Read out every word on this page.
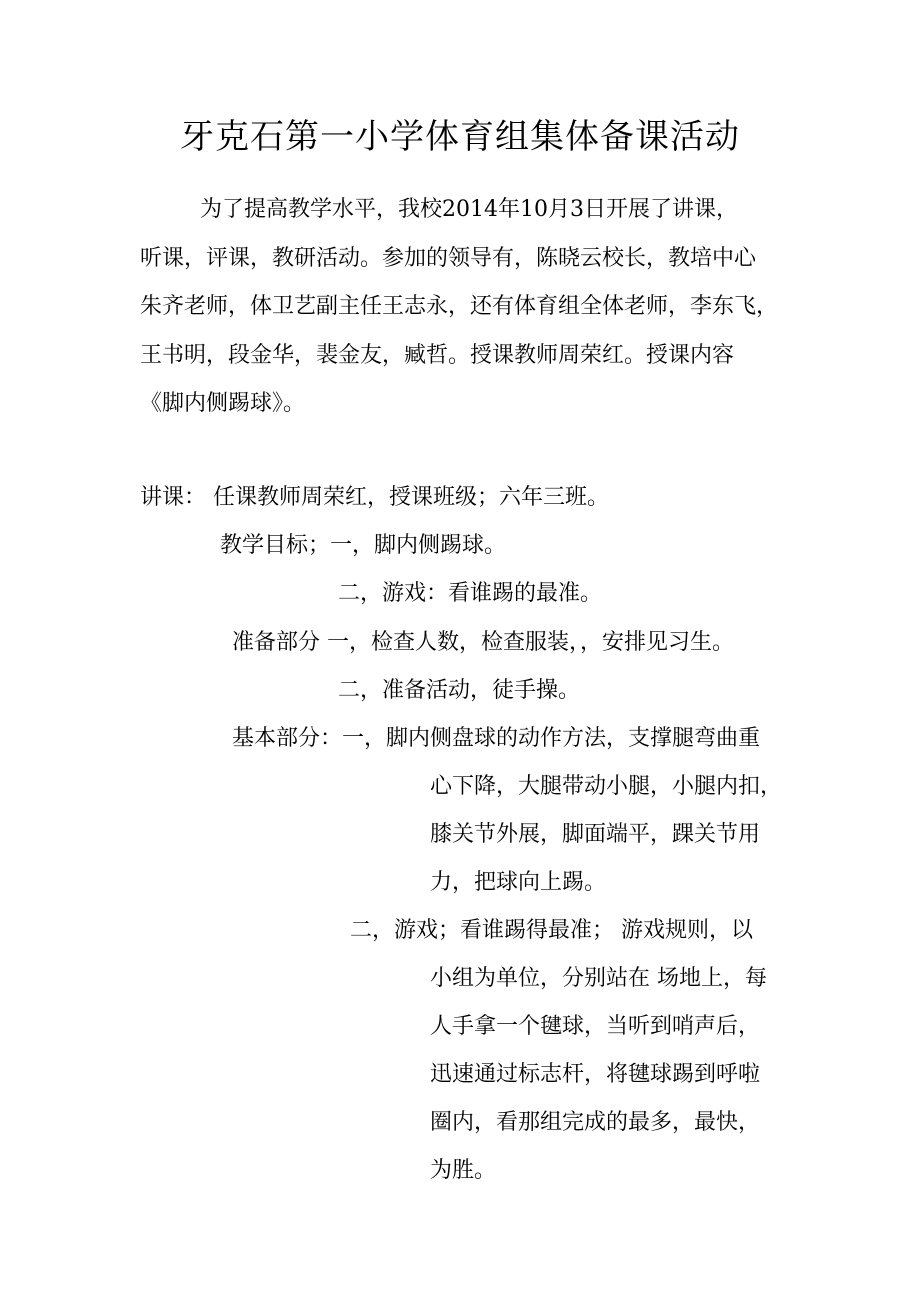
牙克石第一小学体育组集体备课活动

为了提高教学水平，我校2014年10月3日开展了讲课，

听课，评课，教研活动。参加的领导有，陈晓云校长，教培中心

朱齐老师，体卫艺副主任王志永，还有体育组全体老师，李东飞，

王书明，段金华，裴金友，臧哲。授课教师周荣红。授课内容

《脚内侧踢球》。

讲课： 任课教师周荣红，授课班级；六年三班。
教学目标；一，脚内侧踢球。
二，游戏：看谁踢的最准。
准备部分 一，检查人数，检查服装，，安排见习生。
二，准备活动，徒手操。
基本部分：一，脚内侧盘球的动作方法，支撑腿弯曲重

心下降，大腿带动小腿，小腿内扣，

膝关节外展，脚面端平，踝关节用

力，把球向上踢。

二，游戏；看谁踢得最准； 游戏规则，以

小组为单位，分别站在 场地上，每

人手拿一个毽球，当听到哨声后，

迅速通过标志杆，将毽球踢到呼啦

圈内，看那组完成的最多，最快，

为胜。
